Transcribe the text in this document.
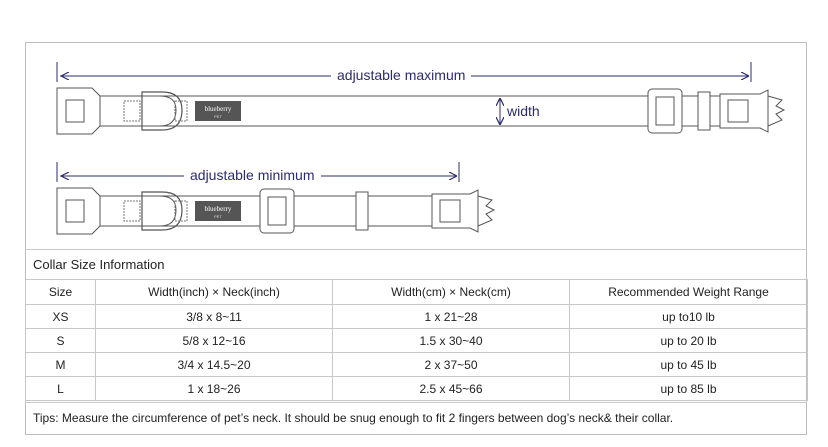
blueberry
PET
blueberry
PET
adjustable maximum
width
adjustable minimum
Collar Size Information
Size	Width(inch) × Neck(inch)	Width(cm) × Neck(cm)	Recommended Weight Range
XS	3/8 x 8~11	1 x 21~28	up to10 lb
S	5/8 x 12~16	1.5 x 30~40	up to 20 lb
M	3/4 x 14.5~20	2 x 37~50	up to 45 lb
L	1 x 18~26	2.5 x 45~66	up to 85 lb
Tips: Measure the circumference of pet’s neck. It should be snug enough to fit 2 fingers between dog’s neck& their collar.
